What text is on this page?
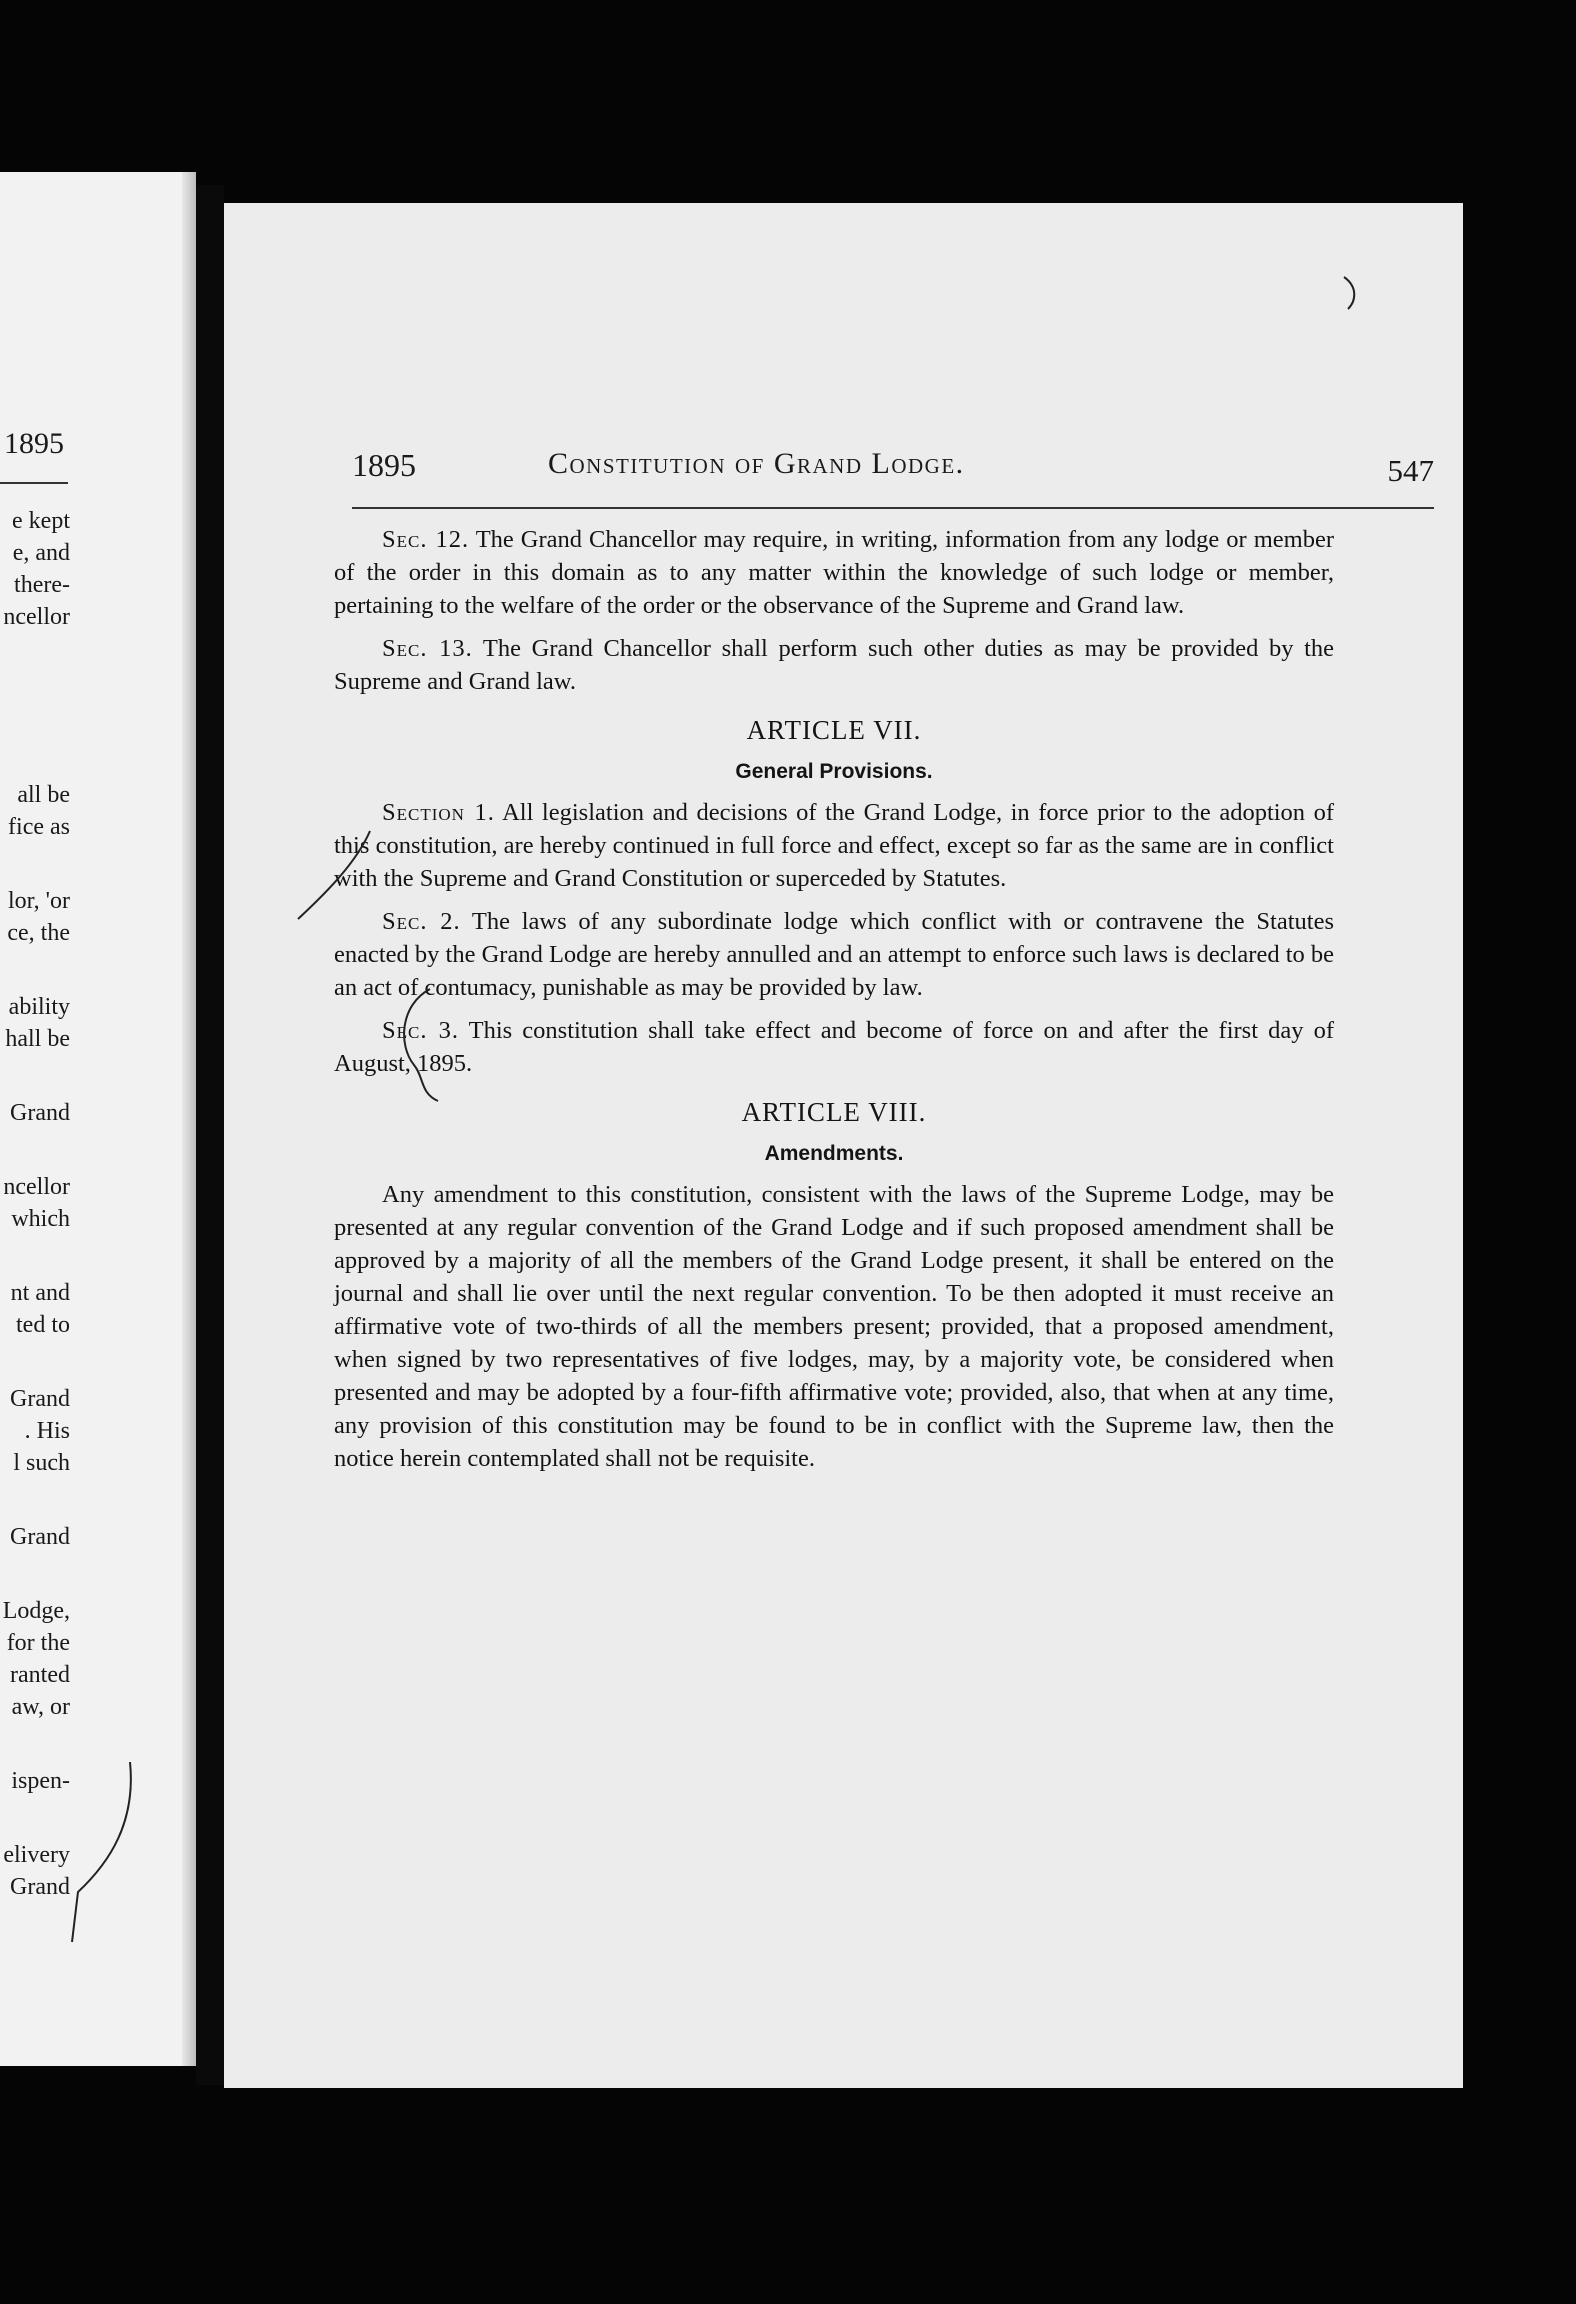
1895
e kept
e, and
there-
ncellor
all be
fice as
lor, 'or
ce, the
ability
hall be
Grand
ncellor
which
nt and
ted to
Grand
. His
l such
Grand
Lodge,
for the
ranted
aw, or
ispen-
elivery
Grand
1895	Constitution of Grand Lodge.	547

Sec. 12. The Grand Chancellor may require, in writing, information from any lodge or member of the order in this domain as to any matter within the knowledge of such lodge or member, pertaining to the welfare of the order or the observance of the Supreme and Grand law.

Sec. 13. The Grand Chancellor shall perform such other duties as may be provided by the Supreme and Grand law.

ARTICLE VII.
General Provisions.

Section 1. All legislation and decisions of the Grand Lodge, in force prior to the adoption of this constitution, are hereby continued in full force and effect, except so far as the same are in conflict with the Supreme and Grand Constitution or superceded by Statutes.

Sec. 2. The laws of any subordinate lodge which conflict with or contravene the Statutes enacted by the Grand Lodge are hereby annulled and an attempt to enforce such laws is declared to be an act of contumacy, punishable as may be provided by law.

Sec. 3. This constitution shall take effect and become of force on and after the first day of August, 1895.

ARTICLE VIII.
Amendments.

Any amendment to this constitution, consistent with the laws of the Supreme Lodge, may be presented at any regular convention of the Grand Lodge and if such proposed amendment shall be approved by a majority of all the members of the Grand Lodge present, it shall be entered on the journal and shall lie over until the next regular convention. To be then adopted it must receive an affirmative vote of two-thirds of all the members present; provided, that a proposed amendment, when signed by two representatives of five lodges, may, by a majority vote, be considered when presented and may be adopted by a four-fifth affirmative vote; provided, also, that when at any time, any provision of this constitution may be found to be in conflict with the Supreme law, then the notice herein contemplated shall not be requisite.
